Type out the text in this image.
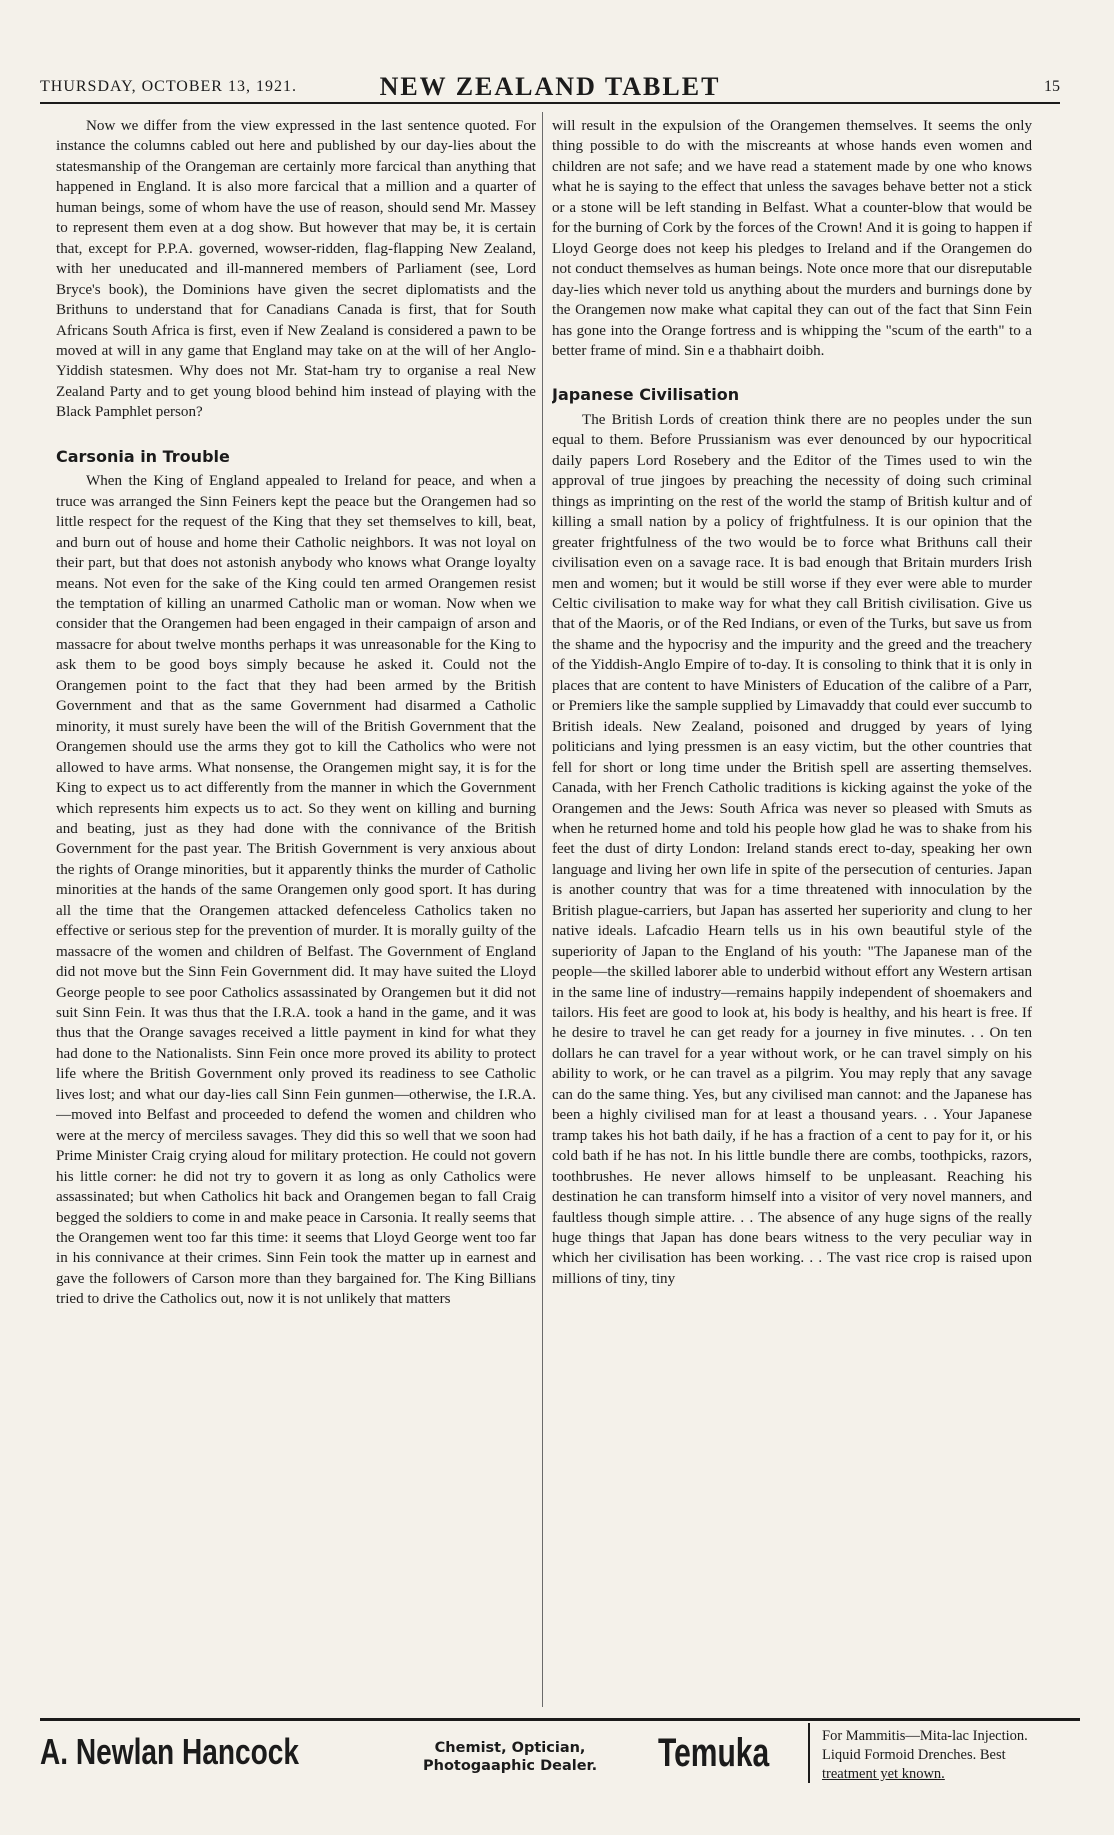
THURSDAY, OCTOBER 13, 1921.	NEW ZEALAND TABLET	15

Now we differ from the view expressed in the last sentence quoted. For instance the columns cabled out here and published by our day-lies about the statesmanship of the Orangeman are certainly more farcical than anything that happened in England. It is also more farcical that a million and a quarter of human beings, some of whom have the use of reason, should send Mr. Massey to represent them even at a dog show. But however that may be, it is certain that, except for P.P.A. governed, wowser-ridden, flag-flapping New Zealand, with her uneducated and ill-mannered members of Parliament (see, Lord Bryce's book), the Dominions have given the secret diplomatists and the Brithuns to understand that for Canadians Canada is first, that for South Africans South Africa is first, even if New Zealand is considered a pawn to be moved at will in any game that England may take on at the will of her Anglo-Yiddish statesmen. Why does not Mr. Stat-ham try to organise a real New Zealand Party and to get young blood behind him instead of playing with the Black Pamphlet person?

Carsonia in Trouble

When the King of England appealed to Ireland for peace, and when a truce was arranged the Sinn Feiners kept the peace but the Orangemen had so little respect for the request of the King that they set themselves to kill, beat, and burn out of house and home their Catholic neighbors. It was not loyal on their part, but that does not astonish anybody who knows what Orange loyalty means. Not even for the sake of the King could ten armed Orangemen resist the temptation of killing an unarmed Catholic man or woman. Now when we consider that the Orangemen had been engaged in their campaign of arson and massacre for about twelve months perhaps it was unreasonable for the King to ask them to be good boys simply because he asked it. Could not the Orangemen point to the fact that they had been armed by the British Government and that as the same Government had disarmed a Catholic minority, it must surely have been the will of the British Government that the Orangemen should use the arms they got to kill the Catholics who were not allowed to have arms. What nonsense, the Orangemen might say, it is for the King to expect us to act differently from the manner in which the Government which represents him expects us to act. So they went on killing and burning and beating, just as they had done with the connivance of the British Government for the past year. The British Government is very anxious about the rights of Orange minorities, but it apparently thinks the murder of Catholic minorities at the hands of the same Orangemen only good sport. It has during all the time that the Orangemen attacked defenceless Catholics taken no effective or serious step for the prevention of murder. It is morally guilty of the massacre of the women and children of Belfast. The Government of England did not move but the Sinn Fein Government did. It may have suited the Lloyd George people to see poor Catholics assassinated by Orangemen but it did not suit Sinn Fein. It was thus that the I.R.A. took a hand in the game, and it was thus that the Orange savages received a little payment in kind for what they had done to the Nationalists. Sinn Fein once more proved its ability to protect life where the British Government only proved its readiness to see Catholic lives lost; and what our day-lies call Sinn Fein gunmen—otherwise, the I.R.A.—moved into Belfast and proceeded to defend the women and children who were at the mercy of merciless savages. They did this so well that we soon had Prime Minister Craig crying aloud for military protection. He could not govern his little corner: he did not try to govern it as long as only Catholics were assassinated; but when Catholics hit back and Orangemen began to fall Craig begged the soldiers to come in and make peace in Carsonia. It really seems that the Orangemen went too far this time: it seems that Lloyd George went too far in his connivance at their crimes. Sinn Fein took the matter up in earnest and gave the followers of Carson more than they bargained for. The King Billians tried to drive the Catholics out, now it is not unlikely that matters

will result in the expulsion of the Orangemen themselves. It seems the only thing possible to do with the miscreants at whose hands even women and children are not safe; and we have read a statement made by one who knows what he is saying to the effect that unless the savages behave better not a stick or a stone will be left standing in Belfast. What a counter-blow that would be for the burning of Cork by the forces of the Crown! And it is going to happen if Lloyd George does not keep his pledges to Ireland and if the Orangemen do not conduct themselves as human beings. Note once more that our disreputable day-lies which never told us anything about the murders and burnings done by the Orangemen now make what capital they can out of the fact that Sinn Fein has gone into the Orange fortress and is whipping the "scum of the earth" to a better frame of mind. Sin e a thabhairt doibh.

Japanese Civilisation

The British Lords of creation think there are no peoples under the sun equal to them. Before Prussianism was ever denounced by our hypocritical daily papers Lord Rosebery and the Editor of the Times used to win the approval of true jingoes by preaching the necessity of doing such criminal things as imprinting on the rest of the world the stamp of British kultur and of killing a small nation by a policy of frightfulness. It is our opinion that the greater frightfulness of the two would be to force what Brithuns call their civilisation even on a savage race. It is bad enough that Britain murders Irish men and women; but it would be still worse if they ever were able to murder Celtic civilisation to make way for what they call British civilisation. Give us that of the Maoris, or of the Red Indians, or even of the Turks, but save us from the shame and the hypocrisy and the impurity and the greed and the treachery of the Yiddish-Anglo Empire of to-day. It is consoling to think that it is only in places that are content to have Ministers of Education of the calibre of a Parr, or Premiers like the sample supplied by Limavaddy that could ever succumb to British ideals. New Zealand, poisoned and drugged by years of lying politicians and lying pressmen is an easy victim, but the other countries that fell for short or long time under the British spell are asserting themselves. Canada, with her French Catholic traditions is kicking against the yoke of the Orangemen and the Jews: South Africa was never so pleased with Smuts as when he returned home and told his people how glad he was to shake from his feet the dust of dirty London: Ireland stands erect to-day, speaking her own language and living her own life in spite of the persecution of centuries. Japan is another country that was for a time threatened with innoculation by the British plague-carriers, but Japan has asserted her superiority and clung to her native ideals. Lafcadio Hearn tells us in his own beautiful style of the superiority of Japan to the England of his youth: "The Japanese man of the people—the skilled laborer able to underbid without effort any Western artisan in the same line of industry—remains happily independent of shoemakers and tailors. His feet are good to look at, his body is healthy, and his heart is free. If he desire to travel he can get ready for a journey in five minutes. . . On ten dollars he can travel for a year without work, or he can travel simply on his ability to work, or he can travel as a pilgrim. You may reply that any savage can do the same thing. Yes, but any civilised man cannot: and the Japanese has been a highly civilised man for at least a thousand years. . . Your Japanese tramp takes his hot bath daily, if he has a fraction of a cent to pay for it, or his cold bath if he has not. In his little bundle there are combs, toothpicks, razors, toothbrushes. He never allows himself to be unpleasant. Reaching his destination he can transform himself into a visitor of very novel manners, and faultless though simple attire. . . The absence of any huge signs of the really huge things that Japan has done bears witness to the very peculiar way in which her civilisation has been working. . . The vast rice crop is raised upon millions of tiny, tiny

A. Newlan Hancock	Chemist, Optician,
Photogaaphic Dealer. Temuka	For Mammitis—Mita-lac Injection.
Liquid Formoid Drenches. Best
treatment yet known.
